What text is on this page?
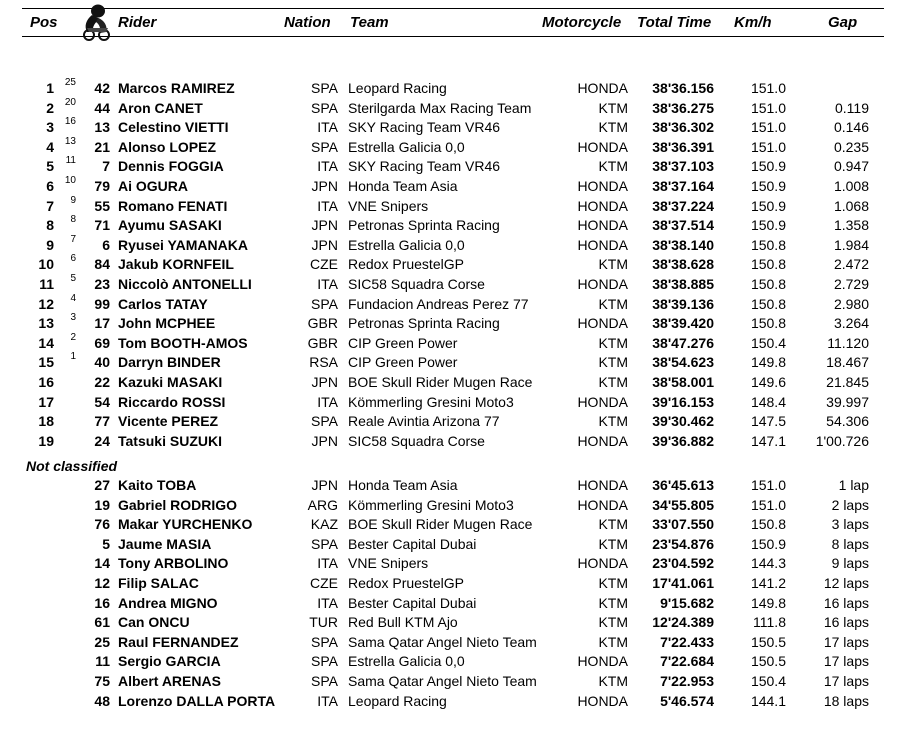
Pos	Rider	Nation Team	Motorcycle Total Time Km/h	Gap
1	25	42 Marcos RAMIREZ	SPA Leopard Racing	HONDA	38'36.156	151.0
2	20	44 Aron CANET	SPA Sterilgarda Max Racing Team	KTM	38'36.275	151.0	0.119
3	16	13 Celestino VIETTI	ITA SKY Racing Team VR46	KTM	38'36.302	151.0	0.146
4	13	21 Alonso LOPEZ	SPA Estrella Galicia 0,0	HONDA	38'36.391	151.0	0.235
5	11	7 Dennis FOGGIA	ITA SKY Racing Team VR46	KTM	38'37.103	150.9	0.947
6	10	79 Ai OGURA	JPN Honda Team Asia	HONDA	38'37.164	150.9	1.008
7	9	55 Romano FENATI	ITA VNE Snipers	HONDA	38'37.224	150.9	1.068
8	8	71 Ayumu SASAKI	JPN Petronas Sprinta Racing	HONDA	38'37.514	150.9	1.358
9	7	6 Ryusei YAMANAKA	JPN Estrella Galicia 0,0	HONDA	38'38.140	150.8	1.984
10	6	84 Jakub KORNFEIL	CZE Redox PruestelGP	KTM	38'38.628	150.8	2.472
11	5	23 Niccolò ANTONELLI	ITA SIC58 Squadra Corse	HONDA	38'38.885	150.8	2.729
12	4	99 Carlos TATAY	SPA Fundacion Andreas Perez 77	KTM	38'39.136	150.8	2.980
13	3	17 John MCPHEE	GBR Petronas Sprinta Racing	HONDA	38'39.420	150.8	3.264
14	2	69 Tom BOOTH-AMOS	GBR CIP Green Power	KTM	38'47.276	150.4	11.120
15	1	40 Darryn BINDER	RSA CIP Green Power	KTM	38'54.623	149.8	18.467
16	22 Kazuki MASAKI	JPN BOE Skull Rider Mugen Race	KTM	38'58.001	149.6	21.845
17	54 Riccardo ROSSI	ITA Kömmerling Gresini Moto3	HONDA	39'16.153	148.4	39.997
18	77 Vicente PEREZ	SPA Reale Avintia Arizona 77	KTM	39'30.462	147.5	54.306
19	24 Tatsuki SUZUKI	JPN SIC58 Squadra Corse	HONDA	39'36.882	147.1	1'00.726
27 Kaito TOBA	JPN Honda Team Asia	HONDA	36'45.613	151.0	1 lap
19 Gabriel RODRIGO	ARG Kömmerling Gresini Moto3	HONDA	34'55.805	151.0	2 laps
76 Makar YURCHENKO	KAZ BOE Skull Rider Mugen Race	KTM	33'07.550	150.8	3 laps
5 Jaume MASIA	SPA Bester Capital Dubai	KTM	23'54.876	150.9	8 laps
14 Tony ARBOLINO	ITA VNE Snipers	HONDA	23'04.592	144.3	9 laps
12 Filip SALAC	CZE Redox PruestelGP	KTM	17'41.061	141.2	12 laps
16 Andrea MIGNO	ITA Bester Capital Dubai	KTM	9'15.682	149.8	16 laps
61 Can ONCU	TUR Red Bull KTM Ajo	KTM	12'24.389	111.8	16 laps
25 Raul FERNANDEZ	SPA Sama Qatar Angel Nieto Team	KTM	7'22.433	150.5	17 laps
11 Sergio GARCIA	SPA Estrella Galicia 0,0	HONDA	7'22.684	150.5	17 laps
75 Albert ARENAS	SPA Sama Qatar Angel Nieto Team	KTM	7'22.953	150.4	17 laps
48 Lorenzo DALLA PORTA	ITA Leopard Racing	HONDA	5'46.574	144.1	18 laps
Not classified
